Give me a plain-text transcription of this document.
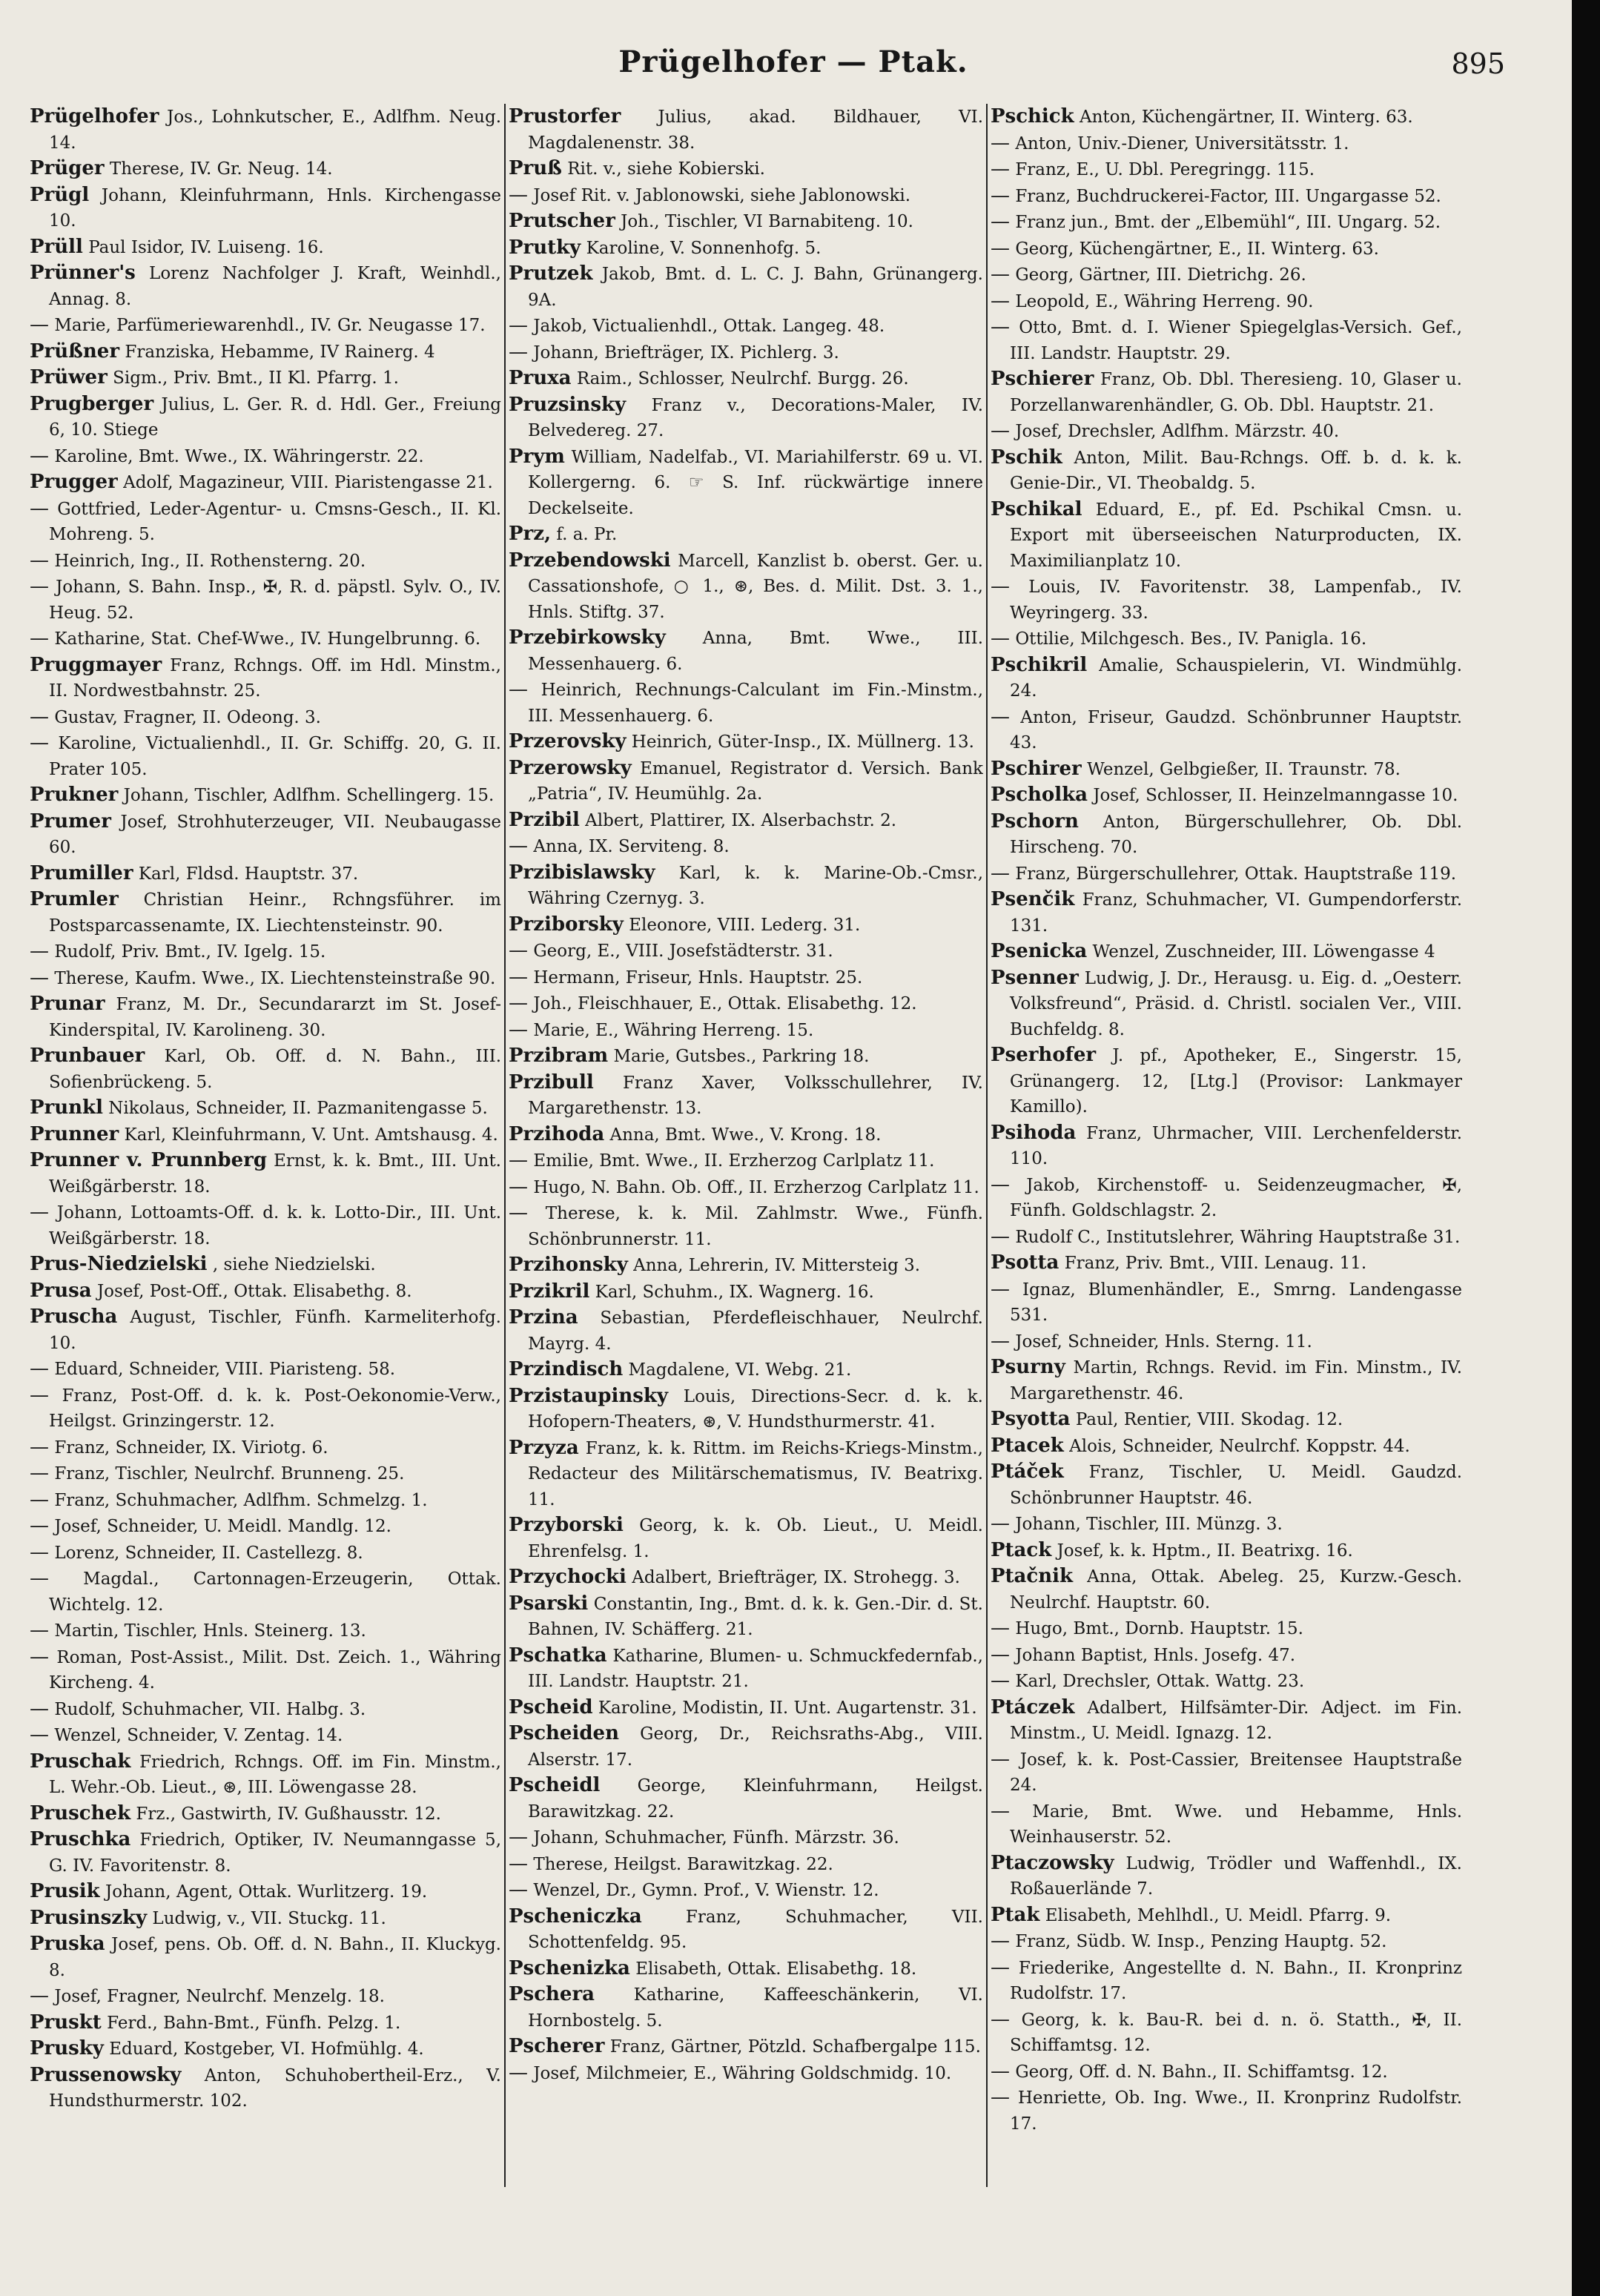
Prügelhofer — Ptak.	895

Prügelhofer Jos., Lohnkutscher, E., Adlfhm. Neug. 14.

Prüger Therese, IV. Gr. Neug. 14.

Prügl Johann, Kleinfuhrmann, Hnls. Kirchengasse 10.

Prüll Paul Isidor, IV. Luiseng. 16.

Prünner's Lorenz Nachfolger J. Kraft, Weinhdl., Annag. 8.

— Marie, Parfümeriewarenhdl., IV. Gr. Neugasse 17.

Prüßner Franziska, Hebamme, IV Rainerg. 4

Prüwer Sigm., Priv. Bmt., II Kl. Pfarrg. 1.

Prugberger Julius, L. Ger. R. d. Hdl. Ger., Freiung 6, 10. Stiege

— Karoline, Bmt. Wwe., IX. Währingerstr. 22.

Prugger Adolf, Magazineur, VIII. Piaristengasse 21.

— Gottfried, Leder-Agentur- u. Cmsns-Gesch., II. Kl. Mohreng. 5.

— Heinrich, Ing., II. Rothensterng. 20.

— Johann, S. Bahn. Insp., ✠, R. d. päpstl. Sylv. O., IV. Heug. 52.

— Katharine, Stat. Chef-Wwe., IV. Hungelbrunng. 6.

Pruggmayer Franz, Rchngs. Off. im Hdl. Minstm., II. Nordwestbahnstr. 25.

— Gustav, Fragner, II. Odeong. 3.

— Karoline, Victualienhdl., II. Gr. Schiffg. 20, G. II. Prater 105.

Prukner Johann, Tischler, Adlfhm. Schellingerg. 15.

Prumer Josef, Strohhuterzeuger, VII. Neubaugasse 60.

Prumiller Karl, Fldsd. Hauptstr. 37.

Prumler Christian Heinr., Rchngsführer. im Postsparcassenamte, IX. Liechtensteinstr. 90.

— Rudolf, Priv. Bmt., IV. Igelg. 15.

— Therese, Kaufm. Wwe., IX. Liechtensteinstraße 90.

Prunar Franz, M. Dr., Secundararzt im St. Josef-Kinderspital, IV. Karolineng. 30.

Prunbauer Karl, Ob. Off. d. N. Bahn., III. Sofienbrückeng. 5.

Prunkl Nikolaus, Schneider, II. Pazmanitengasse 5.

Prunner Karl, Kleinfuhrmann, V. Unt. Amtshausg. 4.

Prunner v. Prunnberg Ernst, k. k. Bmt., III. Unt. Weißgärberstr. 18.

— Johann, Lottoamts-Off. d. k. k. Lotto-Dir., III. Unt. Weißgärberstr. 18.

Prus-Niedzielski , siehe Niedzielski.

Prusa Josef, Post-Off., Ottak. Elisabethg. 8.

Pruscha August, Tischler, Fünfh. Karmeliterhofg. 10.

— Eduard, Schneider, VIII. Piaristeng. 58.

— Franz, Post-Off. d. k. k. Post-Oekonomie-Verw., Heilgst. Grinzingerstr. 12.

— Franz, Schneider, IX. Viriotg. 6.

— Franz, Tischler, Neulrchf. Brunneng. 25.

— Franz, Schuhmacher, Adlfhm. Schmelzg. 1.

— Josef, Schneider, U. Meidl. Mandlg. 12.

— Lorenz, Schneider, II. Castellezg. 8.

— Magdal., Cartonnagen-Erzeugerin, Ottak. Wichtelg. 12.

— Martin, Tischler, Hnls. Steinerg. 13.

— Roman, Post-Assist., Milit. Dst. Zeich. 1., Währing Kircheng. 4.

— Rudolf, Schuhmacher, VII. Halbg. 3.

— Wenzel, Schneider, V. Zentag. 14.

Pruschak Friedrich, Rchngs. Off. im Fin. Minstm., L. Wehr.-Ob. Lieut., ⊛, III. Löwengasse 28.

Pruschek Frz., Gastwirth, IV. Gußhausstr. 12.

Pruschka Friedrich, Optiker, IV. Neumanngasse 5, G. IV. Favoritenstr. 8.

Prusik Johann, Agent, Ottak. Wurlitzerg. 19.

Prusinszky Ludwig, v., VII. Stuckg. 11.

Pruska Josef, pens. Ob. Off. d. N. Bahn., II. Kluckyg. 8.

— Josef, Fragner, Neulrchf. Menzelg. 18.

Pruskt Ferd., Bahn-Bmt., Fünfh. Pelzg. 1.

Prusky Eduard, Kostgeber, VI. Hofmühlg. 4.

Prussenowsky Anton, Schuhobertheil-Erz., V. Hundsthurmerstr. 102.

Prustorfer Julius, akad. Bildhauer, VI. Magdalenenstr. 38.

Pruß Rit. v., siehe Kobierski.

— Josef Rit. v. Jablonowski, siehe Jablonowski.

Prutscher Joh., Tischler, VI Barnabiteng. 10.

Prutky Karoline, V. Sonnenhofg. 5.

Prutzek Jakob, Bmt. d. L. C. J. Bahn, Grünangerg. 9A.

— Jakob, Victualienhdl., Ottak. Langeg. 48.

— Johann, Briefträger, IX. Pichlerg. 3.

Pruxa Raim., Schlosser, Neulrchf. Burgg. 26.

Pruzsinsky Franz v., Decorations-Maler, IV. Belvedereg. 27.

Prym William, Nadelfab., VI. Mariahilferstr. 69 u. VI. Kollergerng. 6. ☞ S. Inf. rückwärtige innere Deckelseite.

Prz, f. a. Pr.

Przebendowski Marcell, Kanzlist b. oberst. Ger. u. Cassationshofe, ○ 1., ⊛, Bes. d. Milit. Dst. 3. 1., Hnls. Stiftg. 37.

Przebirkowsky Anna, Bmt. Wwe., III. Messenhauerg. 6.

— Heinrich, Rechnungs-Calculant im Fin.-Minstm., III. Messenhauerg. 6.

Przerovsky Heinrich, Güter-Insp., IX. Müllnerg. 13.

Przerowsky Emanuel, Registrator d. Versich. Bank „Patria“, IV. Heumühlg. 2a.

Przibil Albert, Plattirer, IX. Alserbachstr. 2.

— Anna, IX. Serviteng. 8.

Przibislawsky Karl, k. k. Marine-Ob.-Cmsr., Währing Czernyg. 3.

Prziborsky Eleonore, VIII. Lederg. 31.

— Georg, E., VIII. Josefstädterstr. 31.

— Hermann, Friseur, Hnls. Hauptstr. 25.

— Joh., Fleischhauer, E., Ottak. Elisabethg. 12.

— Marie, E., Währing Herreng. 15.

Przibram Marie, Gutsbes., Parkring 18.

Przibull Franz Xaver, Volksschullehrer, IV. Margarethenstr. 13.

Przihoda Anna, Bmt. Wwe., V. Krong. 18.

— Emilie, Bmt. Wwe., II. Erzherzog Carlplatz 11.

— Hugo, N. Bahn. Ob. Off., II. Erzherzog Carlplatz 11.

— Therese, k. k. Mil. Zahlmstr. Wwe., Fünfh. Schönbrunnerstr. 11.

Przihonsky Anna, Lehrerin, IV. Mittersteig 3.

Przikril Karl, Schuhm., IX. Wagnerg. 16.

Przina Sebastian, Pferdefleischhauer, Neulrchf. Mayrg. 4.

Przindisch Magdalene, VI. Webg. 21.

Przistaupinsky Louis, Directions-Secr. d. k. k. Hofopern-Theaters, ⊛, V. Hundsthurmerstr. 41.

Przyza Franz, k. k. Rittm. im Reichs-Kriegs-Minstm., Redacteur des Militärschematismus, IV. Beatrixg. 11.

Przyborski Georg, k. k. Ob. Lieut., U. Meidl. Ehrenfelsg. 1.

Przychocki Adalbert, Briefträger, IX. Strohegg. 3.

Psarski Constantin, Ing., Bmt. d. k. k. Gen.-Dir. d. St. Bahnen, IV. Schäfferg. 21.

Pschatka Katharine, Blumen- u. Schmuckfedernfab., III. Landstr. Hauptstr. 21.

Pscheid Karoline, Modistin, II. Unt. Augartenstr. 31.

Pscheiden Georg, Dr., Reichsraths-Abg., VIII. Alserstr. 17.

Pscheidl George, Kleinfuhrmann, Heilgst. Barawitzkag. 22.

— Johann, Schuhmacher, Fünfh. Märzstr. 36.

— Therese, Heilgst. Barawitzkag. 22.

— Wenzel, Dr., Gymn. Prof., V. Wienstr. 12.

Pscheniczka	Franz, Schuhmacher, VII. Schottenfeldg. 95.

Pschenizka Elisabeth, Ottak. Elisabethg. 18.

Pschera Katharine, Kaffeeschänkerin, VI. Hornbostelg. 5.

Pscherer Franz, Gärtner, Pötzld. Schafbergalpe 115.

— Josef, Milchmeier, E., Währing Goldschmidg. 10.

Pschick Anton, Küchengärtner, II. Winterg. 63.

— Anton, Univ.-Diener, Universitätsstr. 1.

— Franz, E., U. Dbl. Peregringg. 115.

— Franz, Buchdruckerei-Factor, III. Ungargasse 52.

— Franz jun., Bmt. der „Elbemühl“, III. Ungarg. 52.

— Georg, Küchengärtner, E., II. Winterg. 63.

— Georg, Gärtner, III. Dietrichg. 26.

— Leopold, E., Währing Herreng. 90.

— Otto, Bmt. d. I. Wiener Spiegelglas-Versich. Gef., III. Landstr. Hauptstr. 29.

Pschierer Franz, Ob. Dbl. Theresieng. 10, Glaser u. Porzellanwarenhändler, G. Ob. Dbl. Hauptstr. 21.

— Josef, Drechsler, Adlfhm. Märzstr. 40.

Pschik Anton, Milit. Bau-Rchngs. Off. b. d. k. k. Genie-Dir., VI. Theobaldg. 5.

Pschikal Eduard, E., pf. Ed. Pschikal Cmsn. u. Export mit überseeischen Naturproducten, IX. Maximilianplatz 10.

— Louis, IV. Favoritenstr. 38, Lampenfab., IV. Weyringerg. 33.

— Ottilie, Milchgesch. Bes., IV. Panigla. 16.

Pschikril Amalie, Schauspielerin, VI. Windmühlg. 24.

— Anton, Friseur, Gaudzd. Schönbrunner Hauptstr. 43.

Pschirer Wenzel, Gelbgießer, II. Traunstr. 78.

Pscholka Josef, Schlosser, II. Heinzelmanngasse 10.

Pschorn Anton, Bürgerschullehrer, Ob. Dbl. Hirscheng. 70.

— Franz, Bürgerschullehrer, Ottak. Hauptstraße 119.

Psenčik Franz, Schuhmacher, VI. Gumpendorferstr. 131.

Psenicka Wenzel, Zuschneider, III. Löwengasse 4

Psenner Ludwig, J. Dr., Herausg. u. Eig. d. „Oesterr. Volksfreund“, Präsid. d. Christl. socialen Ver., VIII. Buchfeldg. 8.

Pserhofer J. pf., Apotheker, E., Singerstr. 15, Grünangerg. 12, [Ltg.] (Provisor: Lankmayer Kamillo).

Psihoda Franz, Uhrmacher, VIII. Lerchenfelderstr. 110.

— Jakob, Kirchenstoff- u. Seidenzeugmacher, ✠, Fünfh. Goldschlagstr. 2.

— Rudolf C., Institutslehrer, Währing Hauptstraße 31.

Psotta Franz, Priv. Bmt., VIII. Lenaug. 11.

— Ignaz, Blumenhändler, E., Smrng. Landengasse 531.

— Josef, Schneider, Hnls. Sterng. 11.

Psurny Martin, Rchngs. Revid. im Fin. Minstm., IV. Margarethenstr. 46.

Psyotta Paul, Rentier, VIII. Skodag. 12.

Ptacek Alois, Schneider, Neulrchf. Koppstr. 44.

Ptáček Franz, Tischler, U. Meidl. Gaudzd. Schönbrunner Hauptstr. 46.

— Johann, Tischler, III. Münzg. 3.

Ptack Josef, k. k. Hptm., II. Beatrixg. 16.

Ptačnik Anna, Ottak. Abeleg. 25, Kurzw.-Gesch. Neulrchf. Hauptstr. 60.

— Hugo, Bmt., Dornb. Hauptstr. 15.

— Johann Baptist, Hnls. Josefg. 47.

— Karl, Drechsler, Ottak. Wattg. 23.

Ptáczek Adalbert, Hilfsämter-Dir. Adject. im Fin. Minstm., U. Meidl. Ignazg. 12.

— Josef, k. k. Post-Cassier, Breitensee Hauptstraße 24.

— Marie, Bmt. Wwe. und Hebamme, Hnls. Weinhauserstr. 52.

Ptaczowsky Ludwig, Trödler und Waffenhdl., IX. Roßauerlände 7.

Ptak Elisabeth, Mehlhdl., U. Meidl. Pfarrg. 9.

— Franz, Südb. W. Insp., Penzing Hauptg. 52.

— Friederike, Angestellte d. N. Bahn., II. Kronprinz Rudolfstr. 17.

— Georg, k. k. Bau-R. bei d. n. ö. Statth., ✠, II. Schiffamtsg. 12.

— Georg, Off. d. N. Bahn., II. Schiffamtsg. 12.

— Henriette, Ob. Ing. Wwe., II. Kronprinz Rudolfstr. 17.
